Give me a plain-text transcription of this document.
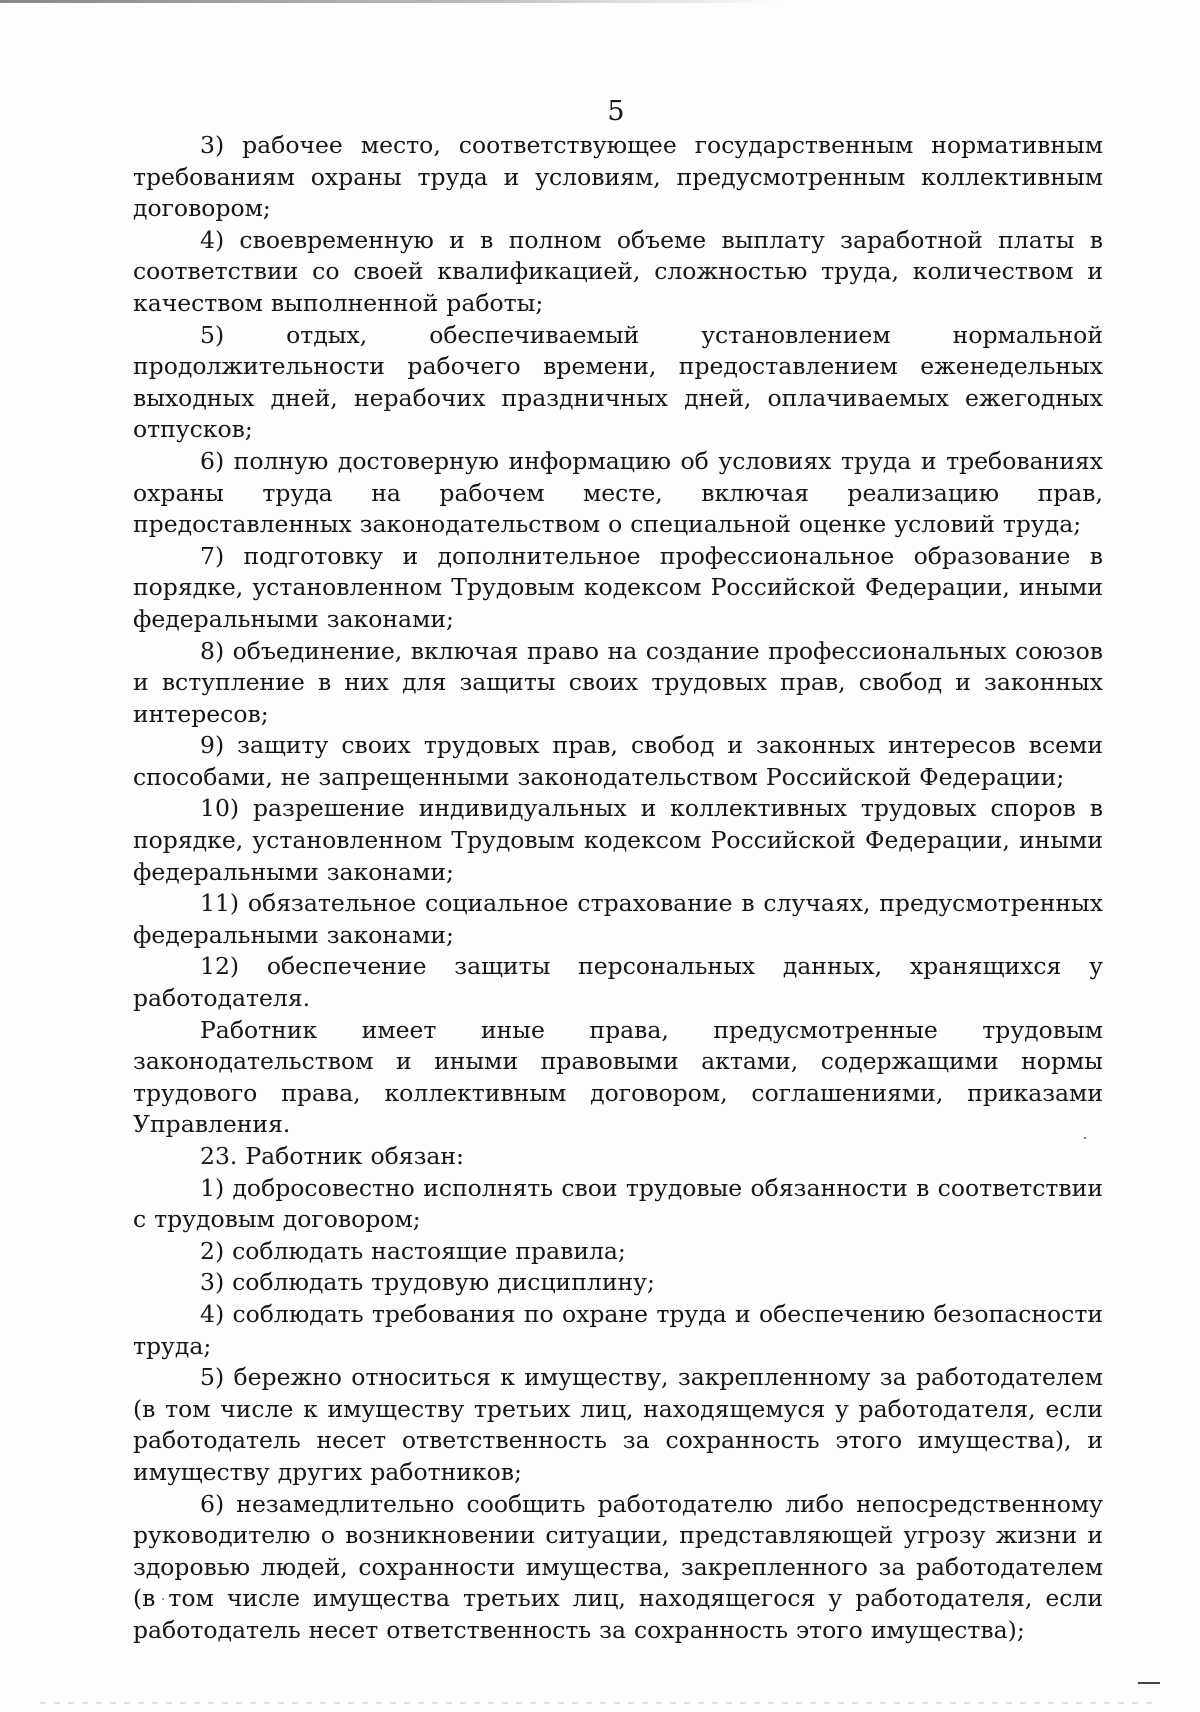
5

3) рабочее место, соответствующее государственным нормативным требованиям охраны труда и условиям, предусмотренным коллективным договором;

4) своевременную и в полном объеме выплату заработной платы в соответствии со своей квалификацией, сложностью труда, количеством и качеством выполненной работы;

5) отдых, обеспечиваемый установлением нормальной продолжительности рабочего времени, предоставлением еженедельных выходных дней, нерабочих праздничных дней, оплачиваемых ежегодных отпусков;

6) полную достоверную информацию об условиях труда и требованиях охраны труда на рабочем месте, включая реализацию прав, предоставленных законодательством о специальной оценке условий труда;

7) подготовку и дополнительное профессиональное образование в порядке, установленном Трудовым кодексом Российской Федерации, иными федеральными законами;

8) объединение, включая право на создание профессиональных союзов и вступление в них для защиты своих трудовых прав, свобод и законных интересов;

9) защиту своих трудовых прав, свобод и законных интересов всеми способами, не запрещенными законодательством Российской Федерации;

10) разрешение индивидуальных и коллективных трудовых споров в порядке, установленном Трудовым кодексом Российской Федерации, иными федеральными законами;

11) обязательное социальное страхование в случаях, предусмотренных федеральными законами;

12) обеспечение защиты персональных данных, хранящихся у работодателя.

Работник имеет иные права, предусмотренные трудовым законодательством и иными правовыми актами, содержащими нормы трудового права, коллективным договором, соглашениями, приказами Управления.

23. Работник обязан:

1) добросовестно исполнять свои трудовые обязанности в соответствии с трудовым договором;

2) соблюдать настоящие правила;

3) соблюдать трудовую дисциплину;

4) соблюдать требования по охране труда и обеспечению безопасности труда;

5) бережно относиться к имуществу, закрепленному за работодателем (в том числе к имуществу третьих лиц, находящемуся у работодателя, если работодатель несет ответственность за сохранность этого имущества), и имуществу других работников;

6) незамедлительно сообщить работодателю либо непосредственному руководителю о возникновении ситуации, представляющей угрозу жизни и здоровью людей, сохранности имущества, закрепленного за работодателем (в том числе имущества третьих лиц, находящегося у работодателя, если работодатель несет ответственность за сохранность этого имущества);
